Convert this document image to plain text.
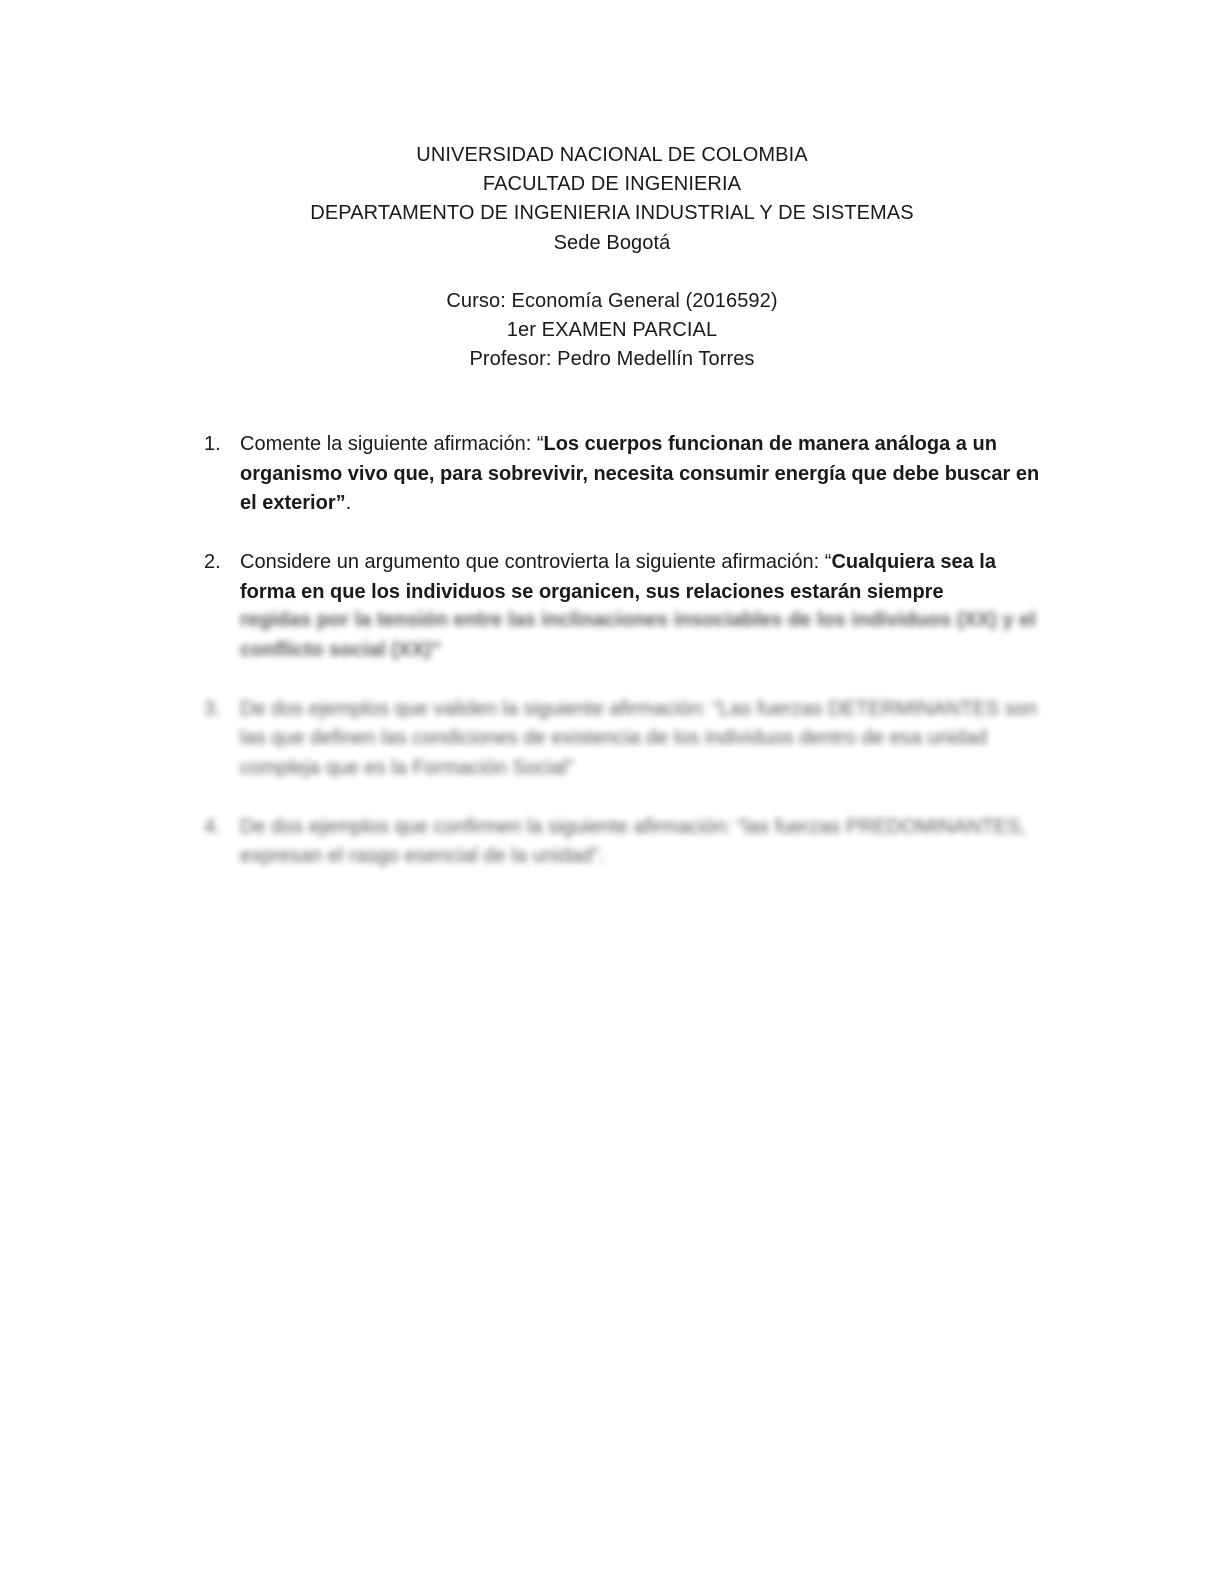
UNIVERSIDAD NACIONAL DE COLOMBIA
FACULTAD DE INGENIERIA
DEPARTAMENTO DE INGENIERIA INDUSTRIAL Y DE SISTEMAS
Sede Bogotá
Curso: Economía General (2016592)
1er EXAMEN PARCIAL
Profesor: Pedro Medellín Torres
1. Comente la siguiente afirmación: “Los cuerpos funcionan de manera análoga a un organismo vivo que, para sobrevivir, necesita consumir energía que debe buscar en el exterior”.
2. Considere un argumento que controvierta la siguiente afirmación: “Cualquiera sea la forma en que los individuos se organicen, sus relaciones estarán siempre
regidas por la tensión entre las inclinaciones insociables de los individuos (XX) y el conflicto social (XX)”
3. De dos ejemplos que validen la siguiente afirmación: “Las fuerzas DETERMINANTES son las que definen las condiciones de existencia de los individuos dentro de esa unidad compleja que es la Formación Social”
4. De dos ejemplos que confirmen la siguiente afirmación: “las fuerzas PREDOMINANTES, expresan el rasgo esencial de la unidad”.
